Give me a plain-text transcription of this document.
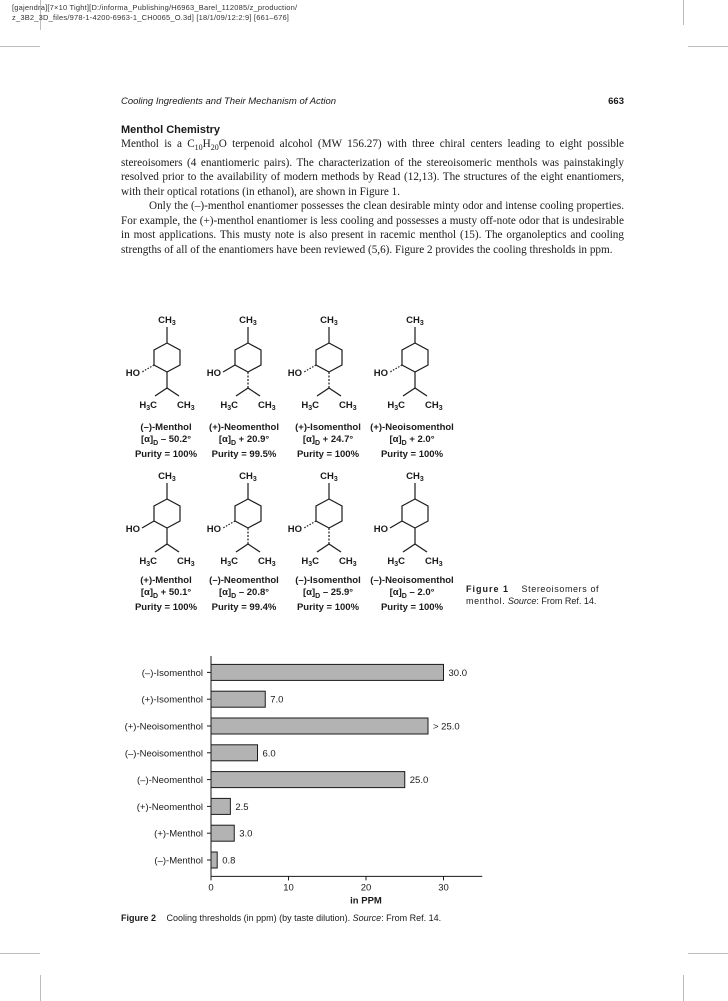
[gajendra][7×10 Tight][D:/informa_Publishing/H6963_Barel_112085/z_production/
z_3B2_3D_files/978-1-4200-6963-1_CH0065_O.3d] [18/1/09/12:2:9] [661–676]
Cooling Ingredients and Their Mechanism of Action	663
Menthol Chemistry

Menthol is a $C_{10}H_{20}O$ terpenoid alcohol (MW 156.27) with three chiral centers leading to eight possible stereoisomers (4 enantiomeric pairs). The characterization of the stereoisomeric menthols was painstakingly resolved prior to the availability of modern methods by Read (12,13). The structures of the eight enantiomers, with their optical rotations (in ethanol), are shown in Figure 1.

Only the (–)-menthol enantiomer possesses the clean desirable minty odor and intense cooling properties. For example, the (+)-menthol enantiomer is less cooling and possesses a musty off-note odor that is undesirable in most applications. This musty note is also present in racemic menthol (15). The organoleptics and cooling strengths of all of the enantiomers have been reviewed (5,6). Figure 2 provides the cooling thresholds in ppm.

$CH_3$
$H_3C$ $CH_3$
HO
$CH_3$
$H_3C$ $CH_3$
HO
$CH_3$
$H_3C$ $CH_3$
HO
$CH_3$
$H_3C$ $CH_3$
HO
$CH_3$
$H_3C$ $CH_3$
HO
$CH_3$
$H_3C$ $CH_3$
HO
$CH_3$
$H_3C$ $CH_3$
HO
$CH_3$
$H_3C$ $CH_3$
HO
(–)-Menthol
$[\alpha]_D - 50.2^\circ$
Purity = 100%
(+)-Neomenthol
$[\alpha]_D + 20.9^\circ$
Purity = 99.5%
(+)-Isomenthol
$[\alpha]_D + 24.7^\circ$
Purity = 100%
(+)-Neoisomenthol
$[\alpha]_D + 2.0^\circ$
Purity = 100%
(+)-Menthol
$[\alpha]_D + 50.1^\circ$
Purity = 100%
(–)-Neomenthol
$[\alpha]_D - 20.8^\circ$
Purity = 99.4%
(–)-Isomenthol
$[\alpha]_D - 25.9^\circ$
Purity = 100%
(–)-Neoisomenthol
$[\alpha]_D - 2.0^\circ$
Purity = 100%
Figure 1 Stereoisomers of menthol. Source: From Ref. 14.
0	10	20	30
in PPM
(–)-Isomenthol	30.0
(+)-Isomenthol	7.0
(+)-Neoisomenthol	> 25.0
(–)-Neoisomenthol	6.0
(–)-Neomenthol	25.0
(+)-Neomenthol	2.5
(+)-Menthol	3.0
(–)-Menthol 0.8
Figure 2 Cooling thresholds (in ppm) (by taste dilution). Source: From Ref. 14.
